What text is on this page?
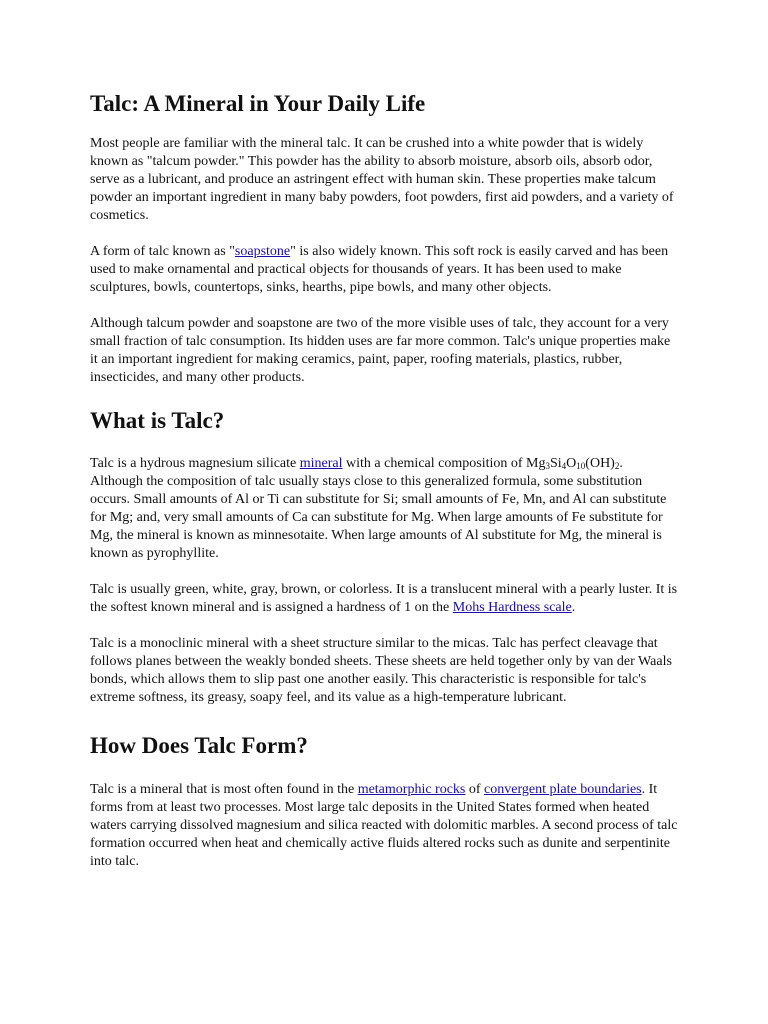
Talc: A Mineral in Your Daily Life

Most people are familiar with the mineral talc. It can be crushed into a white powder that is widely known as "talcum powder." This powder has the ability to absorb moisture, absorb oils, absorb odor, serve as a lubricant, and produce an astringent effect with human skin. These properties make talcum powder an important ingredient in many baby powders, foot powders, first aid powders, and a variety of cosmetics.

A form of talc known as "soapstone" is also widely known. This soft rock is easily carved and has been used to make ornamental and practical objects for thousands of years. It has been used to make sculptures, bowls, countertops, sinks, hearths, pipe bowls, and many other objects.

Although talcum powder and soapstone are two of the more visible uses of talc, they account for a very small fraction of talc consumption. Its hidden uses are far more common. Talc's unique properties make it an important ingredient for making ceramics, paint, paper, roofing materials, plastics, rubber, insecticides, and many other products.

What is Talc?

Talc is a hydrous magnesium silicate mineral with a chemical composition of $Mg_3Si_4O_{10}(OH)_2$. Although the composition of talc usually stays close to this generalized formula, some substitution occurs. Small amounts of Al or Ti can substitute for Si; small amounts of Fe, Mn, and Al can substitute for Mg; and, very small amounts of Ca can substitute for Mg. When large amounts of Fe substitute for Mg, the mineral is known as minnesotaite. When large amounts of Al substitute for Mg, the mineral is known as pyrophyllite.

Talc is usually green, white, gray, brown, or colorless. It is a translucent mineral with a pearly luster. It is the softest known mineral and is assigned a hardness of 1 on the Mohs Hardness scale.

Talc is a monoclinic mineral with a sheet structure similar to the micas. Talc has perfect cleavage that follows planes between the weakly bonded sheets. These sheets are held together only by van der Waals bonds, which allows them to slip past one another easily. This characteristic is responsible for talc's extreme softness, its greasy, soapy feel, and its value as a high-temperature lubricant.

How Does Talc Form?

Talc is a mineral that is most often found in the metamorphic rocks of convergent plate boundaries. It forms from at least two processes. Most large talc deposits in the United States formed when heated waters carrying dissolved magnesium and silica reacted with dolomitic marbles. A second process of talc formation occurred when heat and chemically active fluids altered rocks such as dunite and serpentinite into talc.
